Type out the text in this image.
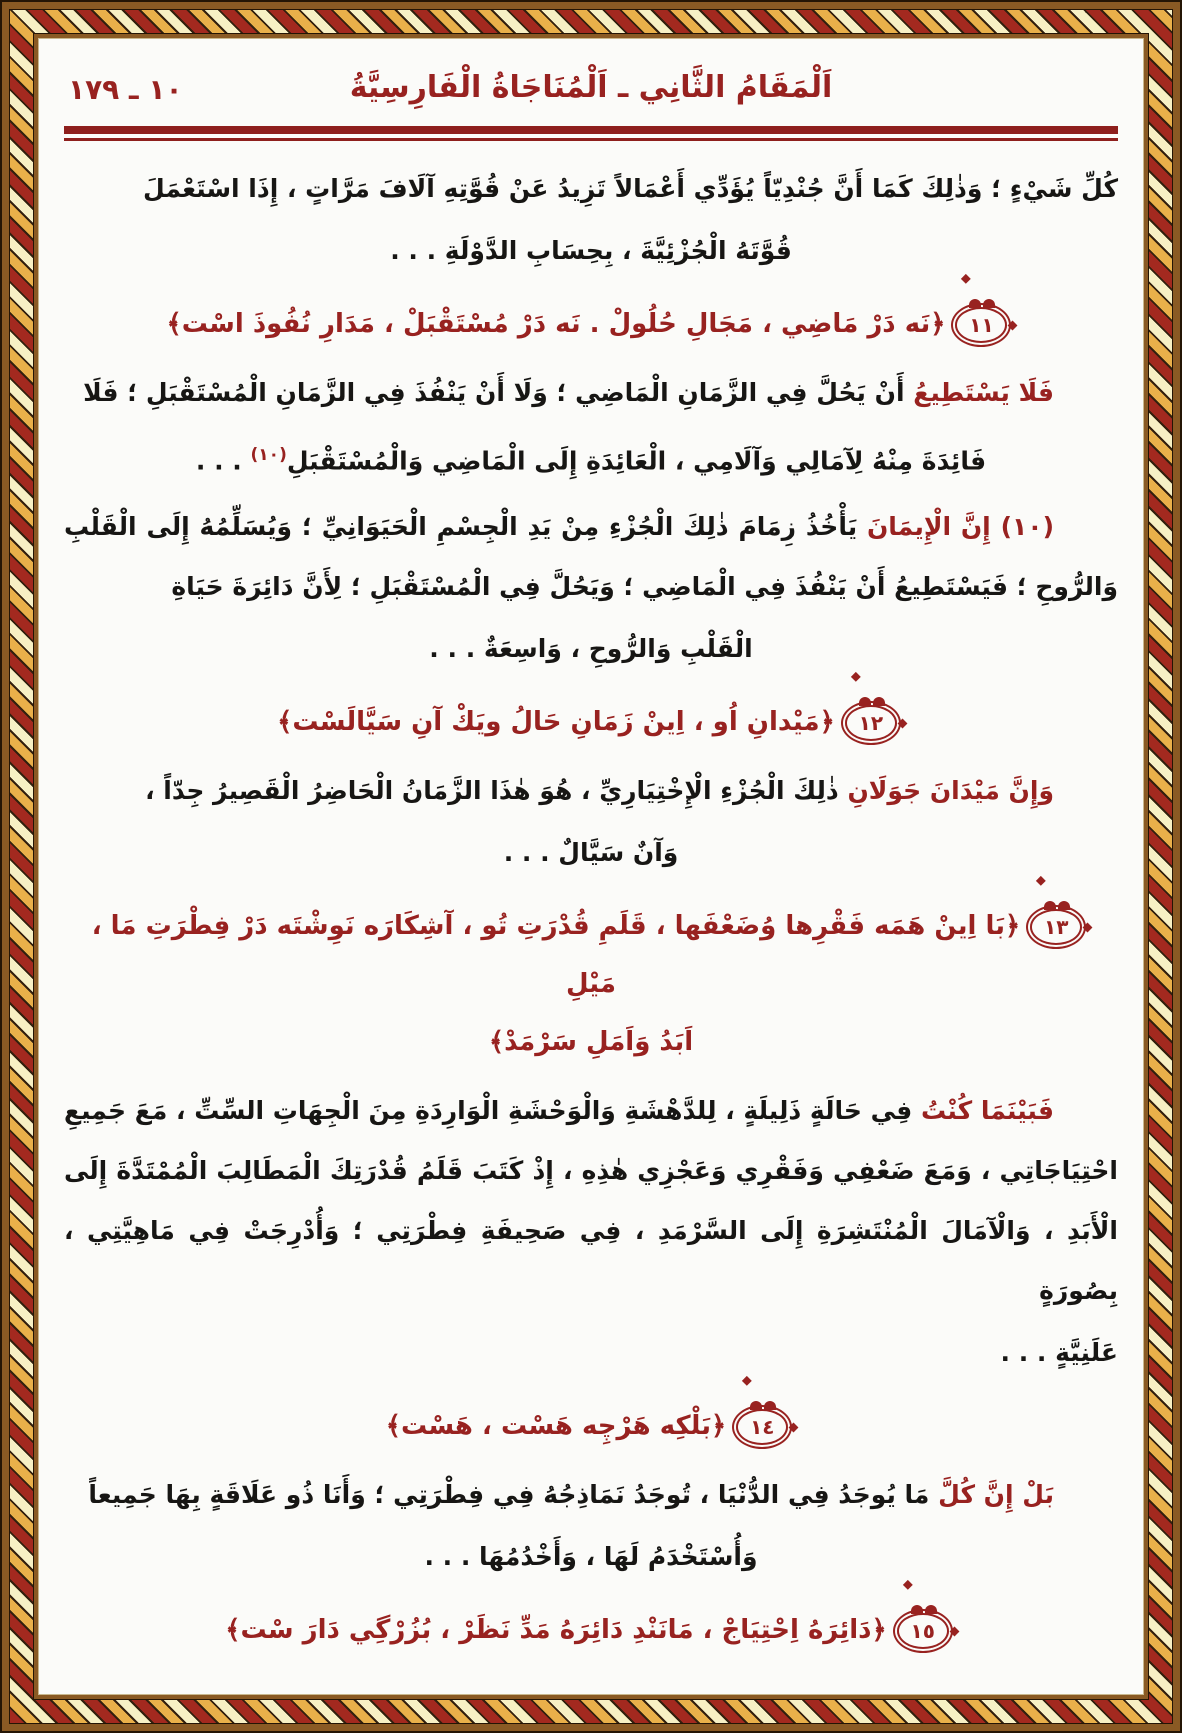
١٠ ـ ١٧٩	اَلْمَقَامُ الثَّانِي ـ اَلْمُنَاجَاةُ الْفَارِسِيَّةُ

كُلِّ شَيْءٍ ؛ وَذٰلِكَ كَمَا أَنَّ جُنْدِيّاً يُؤَدِّي أَعْمَالاً تَزِيدُ عَنْ قُوَّتِهِ آلَافَ مَرَّاتٍ ، إِذَا اسْتَعْمَلَ

قُوَّتَهُ الْجُزْئِيَّةَ ، بِحِسَابِ الدَّوْلَةِ . . .
١١﴿نَه دَرْ مَاضِي ، مَجَالِ حُلُولْ . نَه دَرْ مُسْتَقْبَلْ ، مَدَارِ نُفُوذَ اسْت﴾

فَلَا يَسْتَطِيعُ أَنْ يَحُلَّ فِي الزَّمَانِ الْمَاضِي ؛ وَلَا أَنْ يَنْفُذَ فِي الزَّمَانِ الْمُسْتَقْبَلِ ؛ فَلَا

فَائِدَةَ مِنْهُ لِآمَالِي وَآلَامِي ، الْعَائِدَةِ إِلَى الْمَاضِي وَالْمُسْتَقْبَلِ$^{(١٠)}$ . . .

(١٠) إِنَّ الْإِيمَانَ يَأْخُذُ زِمَامَ ذٰلِكَ الْجُزْءِ مِنْ يَدِ الْجِسْمِ الْحَيَوَانِيِّ ؛ وَيُسَلِّمُهُ إِلَى الْقَلْبِ وَالرُّوحِ ؛ فَيَسْتَطِيعُ أَنْ يَنْفُذَ فِي الْمَاضِي ؛ وَيَحُلَّ فِي الْمُسْتَقْبَلِ ؛ لِأَنَّ دَائِرَةَ حَيَاةِ

الْقَلْبِ وَالرُّوحِ ، وَاسِعَةٌ . . .
١٢﴿مَيْدانِ اُو ، اِينْ زَمَانِ حَالُ ويَكْ آنِ سَيَّالَسْت﴾

وَإِنَّ مَيْدَانَ جَوَلَانِ ذٰلِكَ الْجُزْءِ الْإِخْتِيَارِيِّ ، هُوَ هٰذَا الزَّمَانُ الْحَاضِرُ الْقَصِيرُ جِدّاً ،

وَآنٌ سَيَّالٌ . . .
١٣﴿بَا اِينْ هَمَه فَقْرِها وُضَعْفَها ، قَلَمِ قُدْرَتِ تُو ، آشِكَارَه نَوِشْتَه دَرْ فِطْرَتِ مَا ، مَيْلِ
اَبَدُ وَاَمَلِ سَرْمَدْ﴾

فَبَيْنَمَا كُنْتُ فِي حَالَةٍ ذَلِيلَةٍ ، لِلدَّهْشَةِ وَالْوَحْشَةِ الْوَارِدَةِ مِنَ الْجِهَاتِ السِّتِّ ، مَعَ جَمِيعِ احْتِيَاجَاتِي ، وَمَعَ ضَعْفِي وَفَقْرِي وَعَجْزِي هٰذِهِ ، إِذْ كَتَبَ قَلَمُ قُدْرَتِكَ الْمَطَالِبَ الْمُمْتَدَّةَ إِلَى الْأَبَدِ ، وَالْآمَالَ الْمُنْتَشِرَةِ إِلَى السَّرْمَدِ ، فِي صَحِيفَةِ فِطْرَتِي ؛ وَأُدْرِجَتْ فِي مَاهِيَّتِي ، بِصُورَةٍ

عَلَنِيَّةٍ . . .
١٤﴿بَلْكِه هَرْچِه هَسْت ، هَسْت﴾

بَلْ إِنَّ كُلَّ مَا يُوجَدُ فِي الدُّنْيَا ، تُوجَدُ نَمَاذِجُهُ فِي فِطْرَتِي ؛ وَأَنَا ذُو عَلَاقَةٍ بِهَا جَمِيعاً

وَأُسْتَخْدَمُ لَهَا ، وَأَخْدُمُهَا . . .
١٥﴿دَائِرَهُ اِحْتِيَاجْ ، مَانَنْدِ دَائِرَهُ مَدِّ نَظَرْ ، بُزُرْگِي دَارَ سْت﴾
